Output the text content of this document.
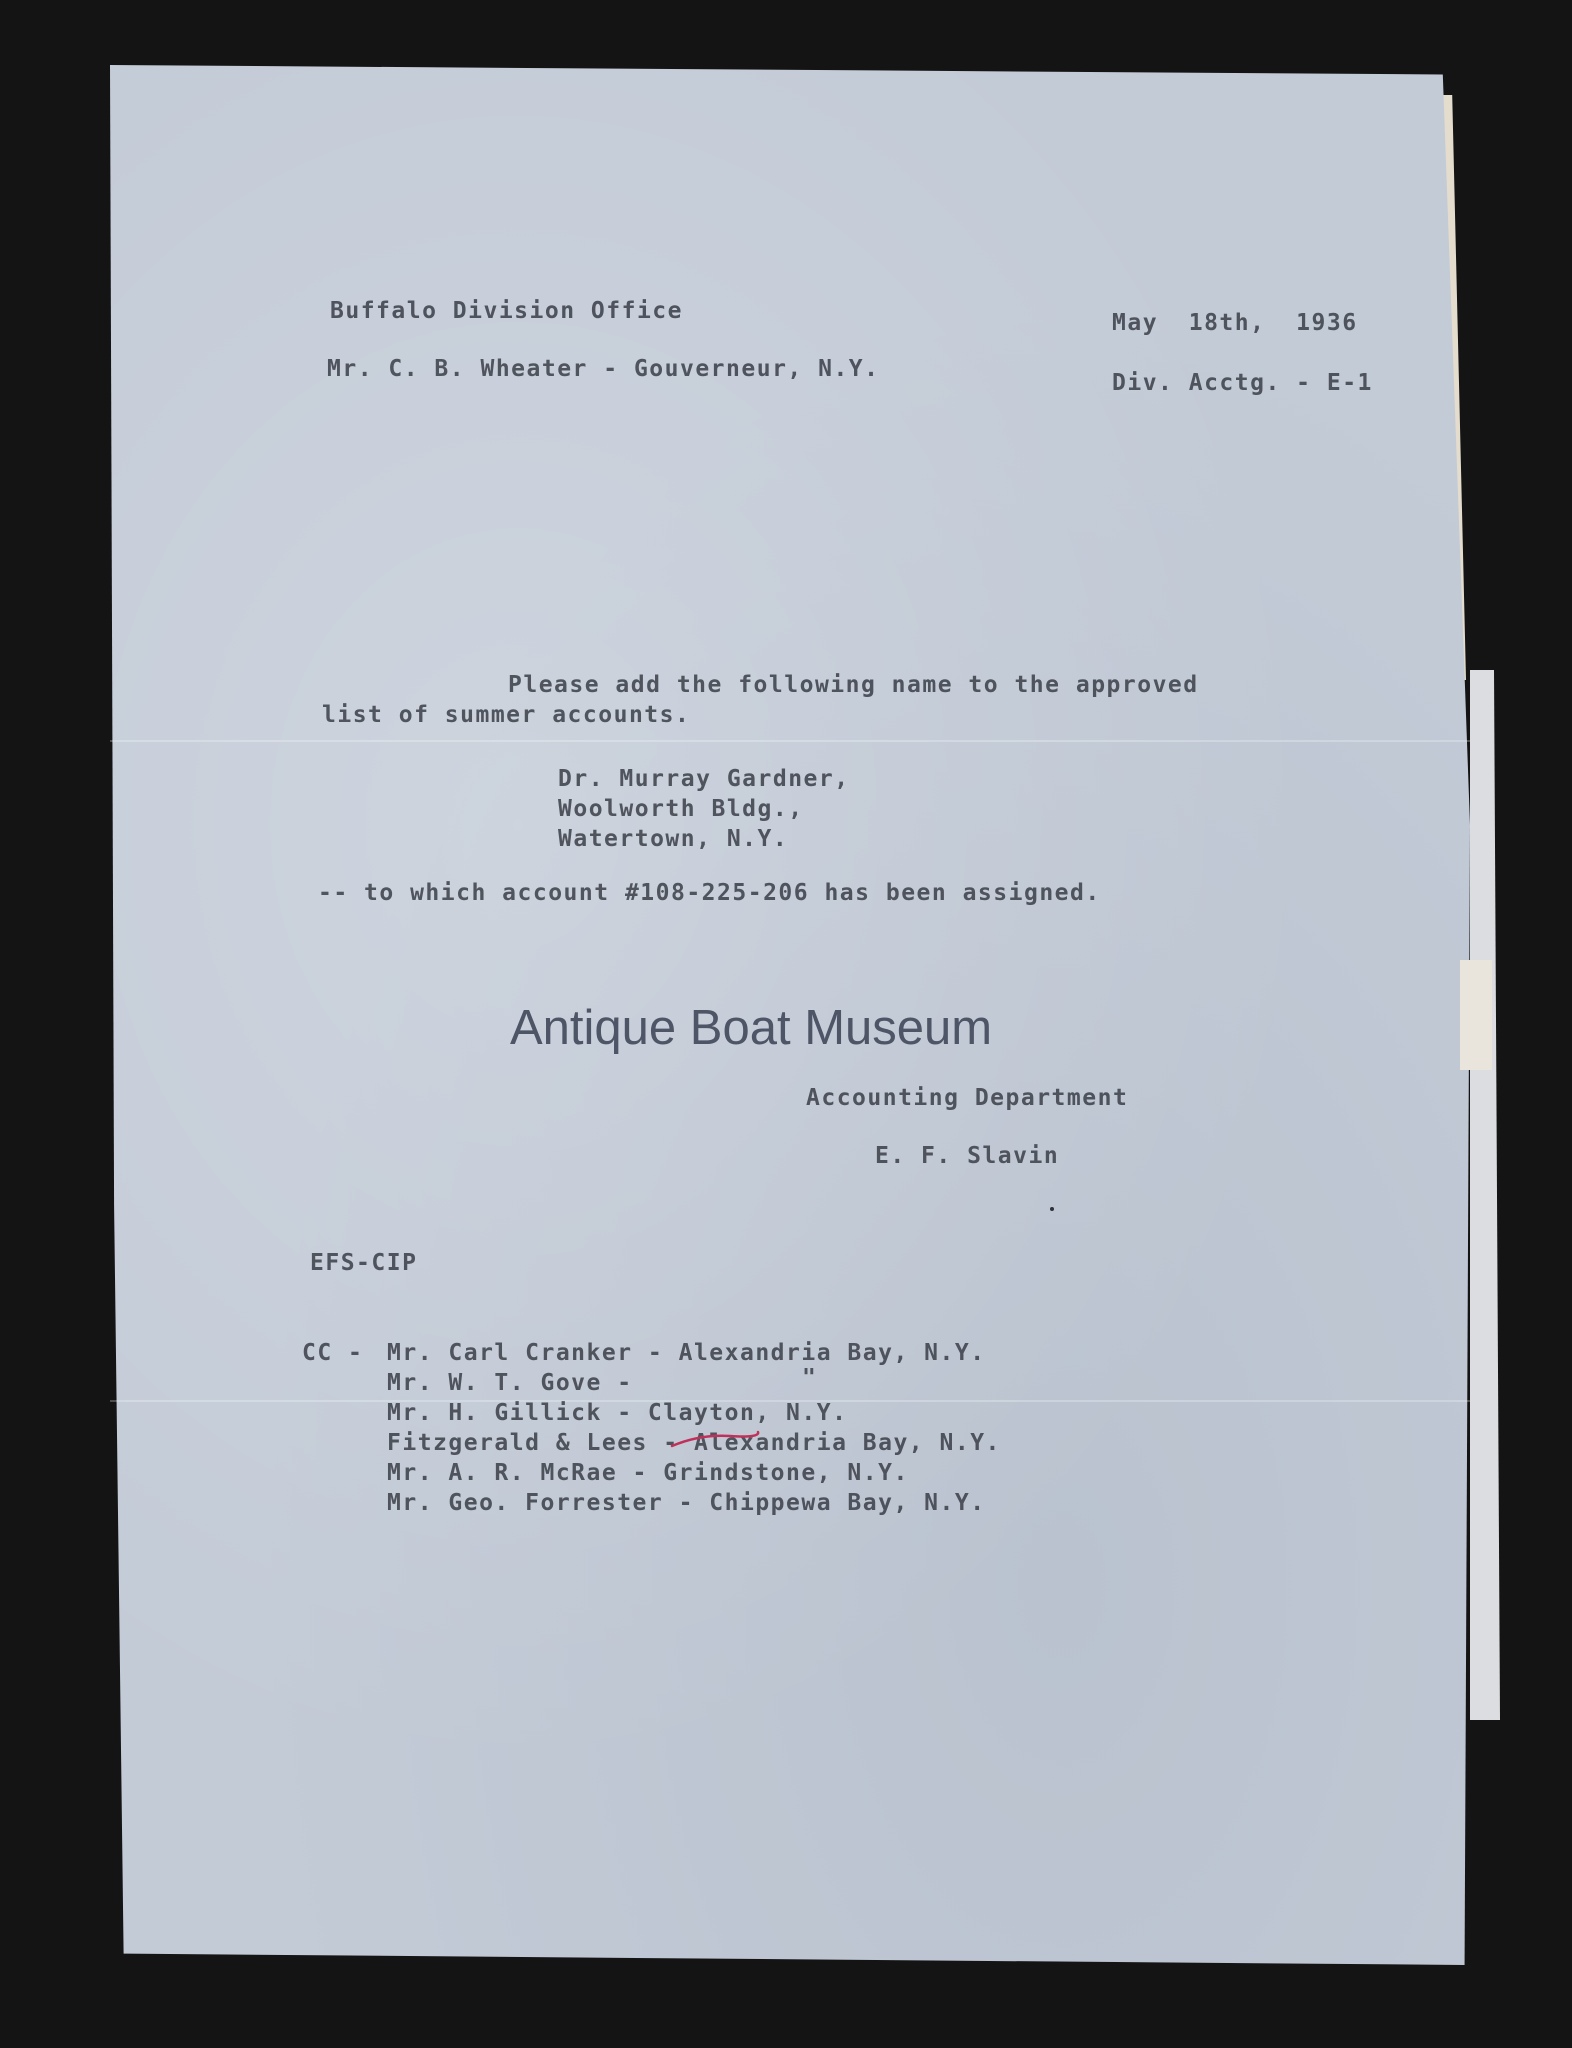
Buffalo Division Office	May  18th,  1936
Mr. C. B. Wheater - Gouverneur, N.Y.
Div. Acctg. - E-1
Please add the following name to the approved
list of summer accounts.
Dr. Murray Gardner,
Woolworth Bldg.,
Watertown, N.Y.
-- to which account #108-225-206 has been assigned.
Antique Boat Museum
Accounting Department
E. F. Slavin
EFS-CIP
CC - Mr. Carl Cranker - Alexandria Bay, N.Y.
Mr. W. T. Gove -	"
Mr. H. Gillick - Clayton, N.Y.
Fitzgerald & Lees - Alexandria Bay, N.Y.
Mr. A. R. McRae - Grindstone, N.Y.
Mr. Geo. Forrester - Chippewa Bay, N.Y.
